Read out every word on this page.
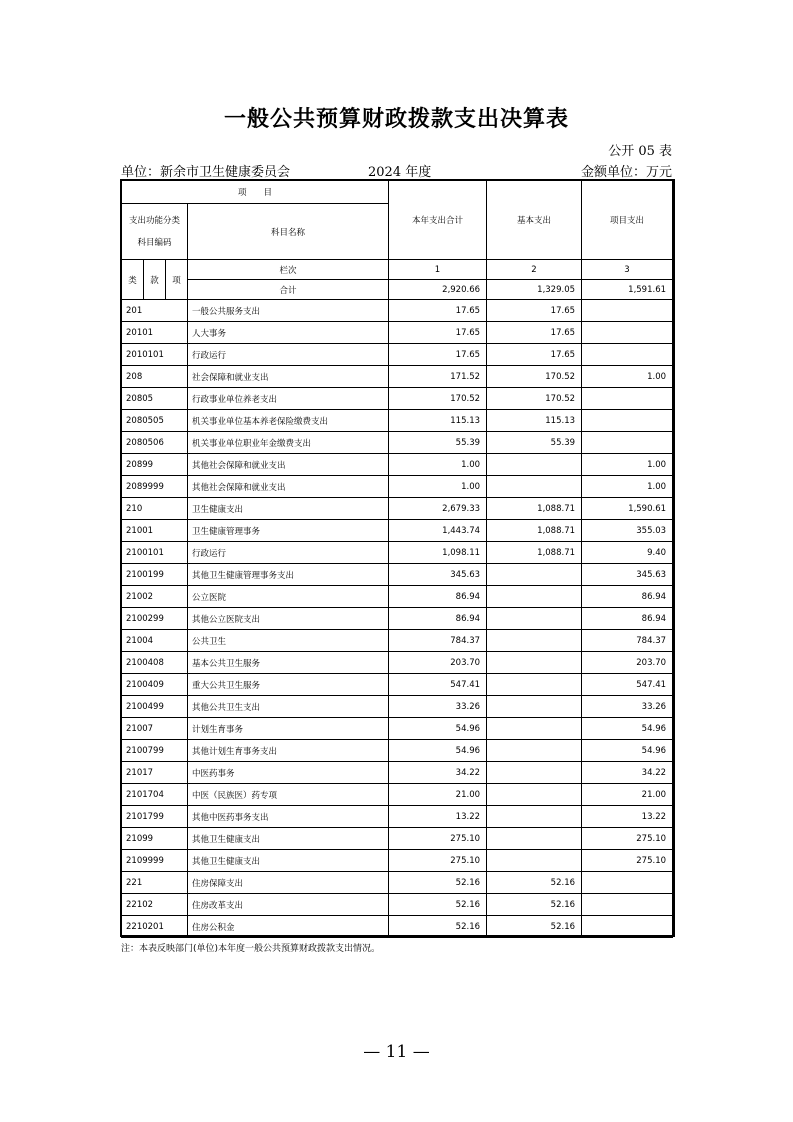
一般公共预算财政拨款支出决算表
公开 05 表
单位：新余市卫生健康委员会	2024 年度	金额单位：万元
项　　目				本年支出合计	基本支出	项目支出

支出功能分类
科目编码			科目名称			
类	款	项	栏次	1	2	3
			合计	2,920.66	1,329.05	1,591.61
201			一般公共服务支出	17.65	17.65	
20101			人大事务	17.65	17.65	
2010101			行政运行	17.65	17.65	
208			社会保障和就业支出	171.52	170.52	1.00
20805			行政事业单位养老支出	170.52	170.52	
2080505			机关事业单位基本养老保险缴费支出	115.13	115.13	
2080506			机关事业单位职业年金缴费支出	55.39	55.39	
20899			其他社会保障和就业支出	1.00		1.00
2089999			其他社会保障和就业支出	1.00		1.00
210			卫生健康支出	2,679.33	1,088.71	1,590.61
21001			卫生健康管理事务	1,443.74	1,088.71	355.03
2100101			行政运行	1,098.11	1,088.71	9.40
2100199			其他卫生健康管理事务支出	345.63		345.63
21002			公立医院	86.94		86.94
2100299			其他公立医院支出	86.94		86.94
21004			公共卫生	784.37		784.37
2100408			基本公共卫生服务	203.70		203.70
2100409			重大公共卫生服务	547.41		547.41
2100499			其他公共卫生支出	33.26		33.26
21007			计划生育事务	54.96		54.96
2100799			其他计划生育事务支出	54.96		54.96
21017			中医药事务	34.22		34.22
2101704			中医（民族医）药专项	21.00		21.00
2101799			其他中医药事务支出	13.22		13.22
21099			其他卫生健康支出	275.10		275.10
2109999			其他卫生健康支出	275.10		275.10
221			住房保障支出	52.16	52.16	
22102			住房改革支出	52.16	52.16	
2210201			住房公积金	52.16	52.16	
注：本表反映部门(单位)本年度一般公共预算财政拨款支出情况。
— 11 —
